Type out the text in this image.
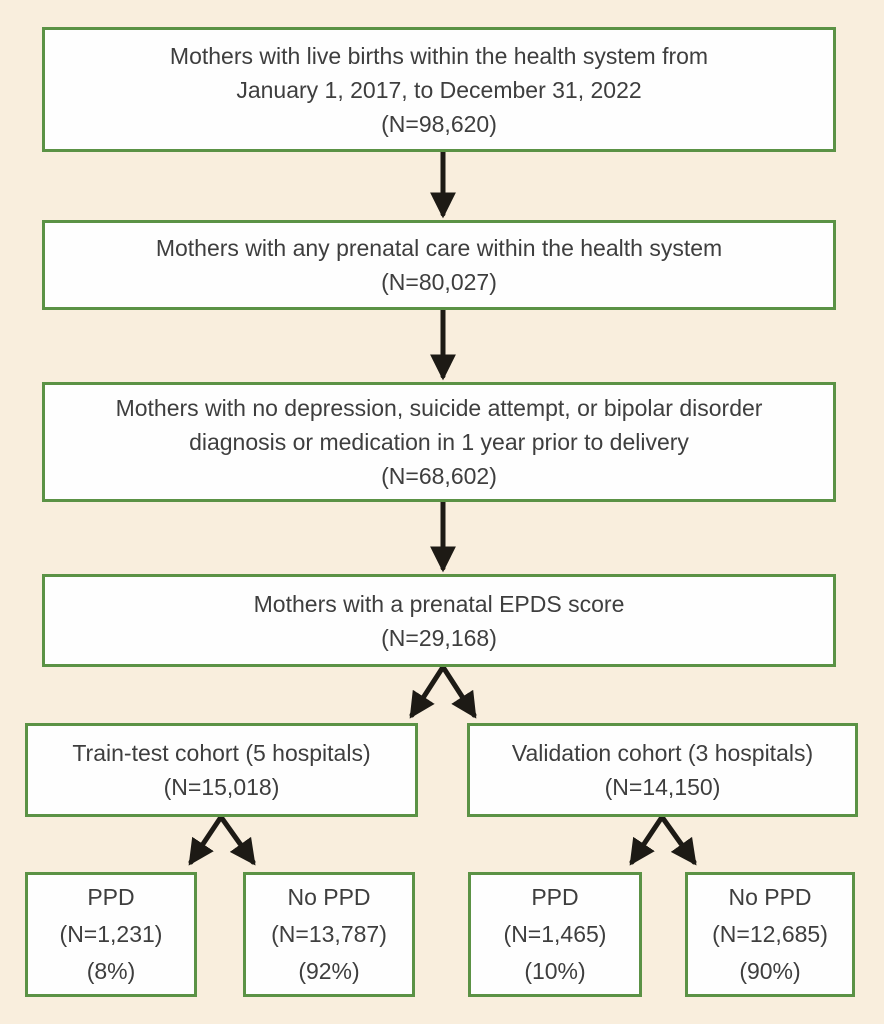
Mothers with live births within the health system from
January 1, 2017, to December 31, 2022
(N=98,620)
Mothers with any prenatal care within the health system
(N=80,027)
Mothers with no depression, suicide attempt, or bipolar disorder
diagnosis or medication in 1 year prior to delivery
(N=68,602)
Mothers with a prenatal EPDS score
(N=29,168)
Train-test cohort (5 hospitals)
(N=15,018)
Validation cohort (3 hospitals)
(N=14,150)
PPD
(N=1,231)
(8%)
No PPD
(N=13,787)
(92%)
PPD
(N=1,465)
(10%)
No PPD
(N=12,685)
(90%)
